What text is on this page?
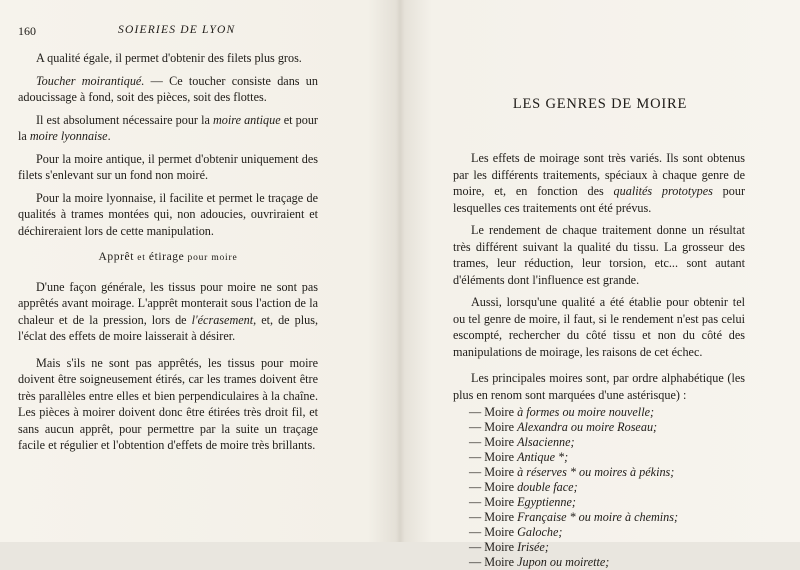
160	SOIERIES DE LYON

A qualité égale, il permet d'obtenir des filets plus gros.

Toucher moirantiqué. — Ce toucher consiste dans un adoucissage à fond, soit des pièces, soit des flottes.

Il est absolument nécessaire pour la moire antique et pour la moire lyonnaise.

Pour la moire antique, il permet d'obtenir uniquement des filets s'enlevant sur un fond non moiré.

Pour la moire lyonnaise, il facilite et permet le traçage de qualités à trames montées qui, non adoucies, ouvriraient et déchireraient lors de cette manipulation.

Apprêt et étirage pour moire

D'une façon générale, les tissus pour moire ne sont pas apprêtés avant moirage. L'apprêt monterait sous l'action de la chaleur et de la pression, lors de l'écrasement, et, de plus, l'éclat des effets de moire laisserait à désirer.

Mais s'ils ne sont pas apprêtés, les tissus pour moire doivent être soigneusement étirés, car les trames doivent être très parallèles entre elles et bien perpendiculaires à la chaîne. Les pièces à moirer doivent donc être étirées très droit fil, et sans aucun apprêt, pour permettre par la suite un traçage facile et régulier et l'obtention d'effets de moire très brillants.

LES GENRES DE MOIRE

Les effets de moirage sont très variés. Ils sont obtenus par les différents traitements, spéciaux à chaque genre de moire, et, en fonction des qualités prototypes pour lesquelles ces traitements ont été prévus.

Le rendement de chaque traitement donne un résultat très différent suivant la qualité du tissu. La grosseur des trames, leur réduction, leur torsion, etc... sont autant d'éléments dont l'influence est grande.

Aussi, lorsqu'une qualité a été établie pour obtenir tel ou tel genre de moire, il faut, si le rendement n'est pas celui escompté, rechercher du côté tissu et non du côté des manipulations de moirage, les raisons de cet échec.

Les principales moires sont, par ordre alphabétique (les plus en renom sont marquées d'une astérisque) :

— Moire à formes ou moire nouvelle;
— Moire Alexandra ou moire Roseau;
— Moire Alsacienne;
— Moire Antique *;
— Moire à réserves * ou moires à pékins;
— Moire double face;
— Moire Egyptienne;
— Moire Française * ou moire à chemins;
— Moire Galoche;
— Moire Irisée;
— Moire Jupon ou moirette;
